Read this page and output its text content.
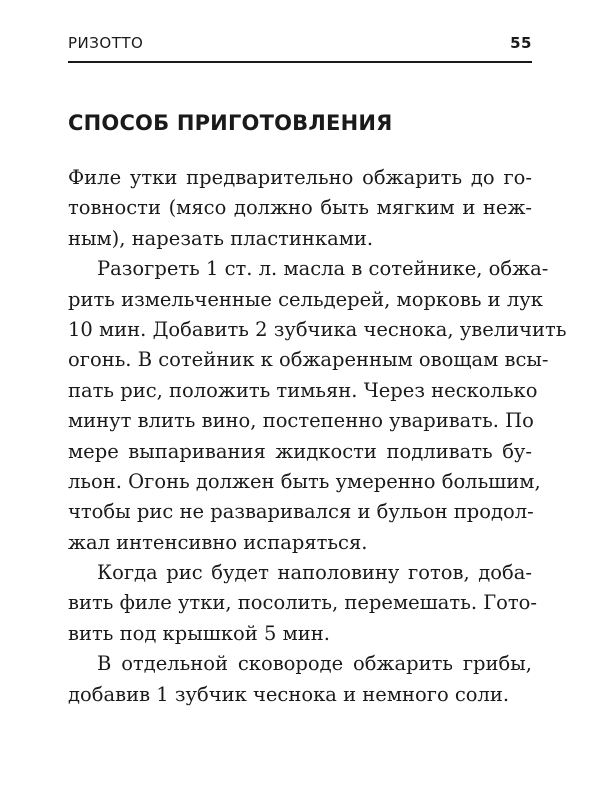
РИЗОТТО	55
СПОСОБ ПРИГОТОВЛЕНИЯ
Филе утки предварительно обжарить до го-
товности (мясо должно быть мягким и неж-
ным), нарезать пластинками.
Разогреть 1 ст. л. масла в сотейнике, обжа-
рить измельченные сельдерей, морковь и лук
10 мин. Добавить 2 зубчика чеснока, увеличить
огонь. В сотейник к обжаренным овощам всы-
пать рис, положить тимьян. Через несколько
минут влить вино, постепенно уваривать. По
мере выпаривания жидкости подливать бу-
льон. Огонь должен быть умеренно большим,
чтобы рис не разваривался и бульон продол-
жал интенсивно испаряться.
Когда рис будет наполовину готов, доба-
вить филе утки, посолить, перемешать. Гото-
вить под крышкой 5 мин.
В отдельной сковороде обжарить грибы,
добавив 1 зубчик чеснока и немного соли.
